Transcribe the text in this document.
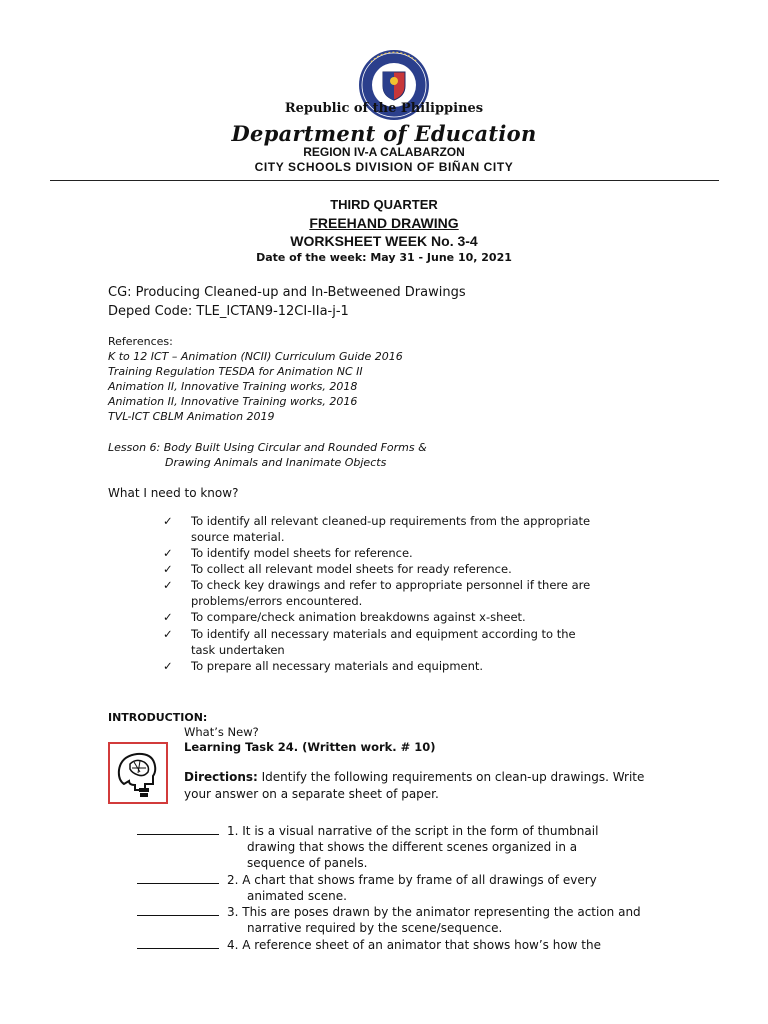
Republic of the Philippines
Department of Education
REGION IV-A CALABARZON
CITY SCHOOLS DIVISION OF BIÑAN CITY
THIRD QUARTER
FREEHAND DRAWING
WORKSHEET WEEK No. 3-4
Date of the week: May 31 - June 10, 2021
CG: Producing Cleaned-up and In-Betweened Drawings
Deped Code: TLE_ICTAN9-12CI-IIa-j-1
References:
K to 12 ICT – Animation (NCII) Curriculum Guide 2016
Training Regulation TESDA for Animation NC II
Animation II, Innovative Training works, 2018
Animation II, Innovative Training works, 2016
TVL-ICT CBLM Animation 2019
Lesson 6: Body Built Using Circular and Rounded Forms &
Drawing Animals and Inanimate Objects
What I need to know?
✓ To identify all relevant cleaned-up requirements from the appropriate
source material.
✓ To identify model sheets for reference.
✓ To collect all relevant model sheets for ready reference.
✓ To check key drawings and refer to appropriate personnel if there are
problems/errors encountered.
✓ To compare/check animation breakdowns against x-sheet.
✓ To identify all necessary materials and equipment according to the
task undertaken
✓ To prepare all necessary materials and equipment.
INTRODUCTION:
What’s New?
Learning Task 24. (Written work. # 10)
Directions: Identify the following requirements on clean-up drawings. Write
your answer on a separate sheet of paper.
1. It is a visual narrative of the script in the form of thumbnail
drawing that shows the different scenes organized in a
sequence of panels.
2. A chart that shows frame by frame of all drawings of every
animated scene.
3. This are poses drawn by the animator representing the action and
narrative required by the scene/sequence.
4. A reference sheet of an animator that shows how’s how the
